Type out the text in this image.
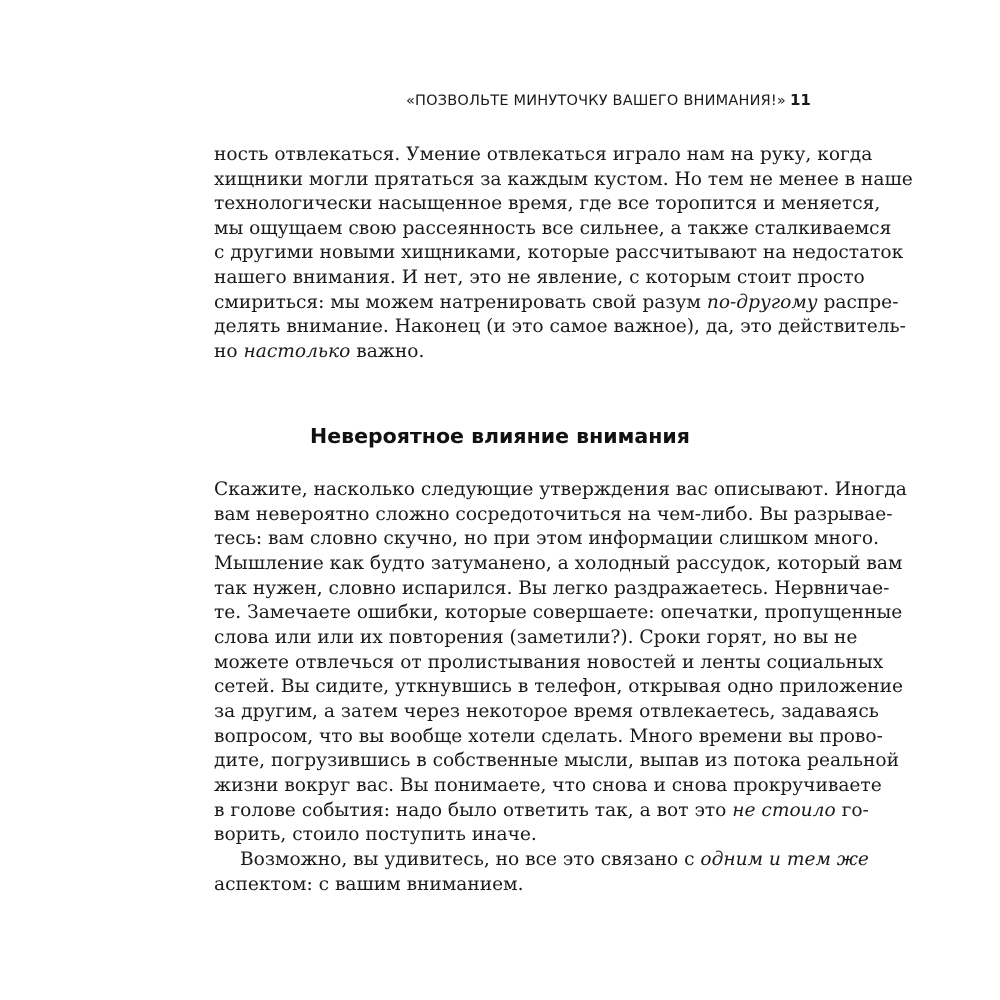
«ПОЗВОЛЬТЕ МИНУТОЧКУ ВАШЕГО ВНИМАНИЯ!» 11
ность отвлекаться. Умение отвлекаться играло нам на руку, когда
хищники могли прятаться за каждым кустом. Но тем не менее в наше
технологически насыщенное время, где все торопится и меняется,
мы ощущаем свою рассеянность все сильнее, а также сталкиваемся
с другими новыми хищниками, которые рассчитывают на недостаток
нашего внимания. И нет, это не явление, с которым стоит просто
смириться: мы можем натренировать свой разум по-другому распре-
делять внимание. Наконец (и это самое важное), да, это действитель-
но настолько важно.
Невероятное влияние внимания
Скажите, насколько следующие утверждения вас описывают. Иногда
вам невероятно сложно сосредоточиться на чем-либо. Вы разрывае-
тесь: вам словно скучно, но при этом информации слишком много.
Мышление как будто затуманено, а холодный рассудок, который вам
так нужен, словно испарился. Вы легко раздражаетесь. Нервничае-
те. Замечаете ошибки, которые совершаете: опечатки, пропущенные
слова или или их повторения (заметили?). Сроки горят, но вы не
можете отвлечься от пролистывания новостей и ленты социальных
сетей. Вы сидите, уткнувшись в телефон, открывая одно приложение
за другим, а затем через некоторое время отвлекаетесь, задаваясь
вопросом, что вы вообще хотели сделать. Много времени вы прово-
дите, погрузившись в собственные мысли, выпав из потока реальной
жизни вокруг вас. Вы понимаете, что снова и снова прокручиваете
в голове события: надо было ответить так, а вот это не стоило го-
ворить, стоило поступить иначе.
Возможно, вы удивитесь, но все это связано с одним и тем же
аспектом: с вашим вниманием.
